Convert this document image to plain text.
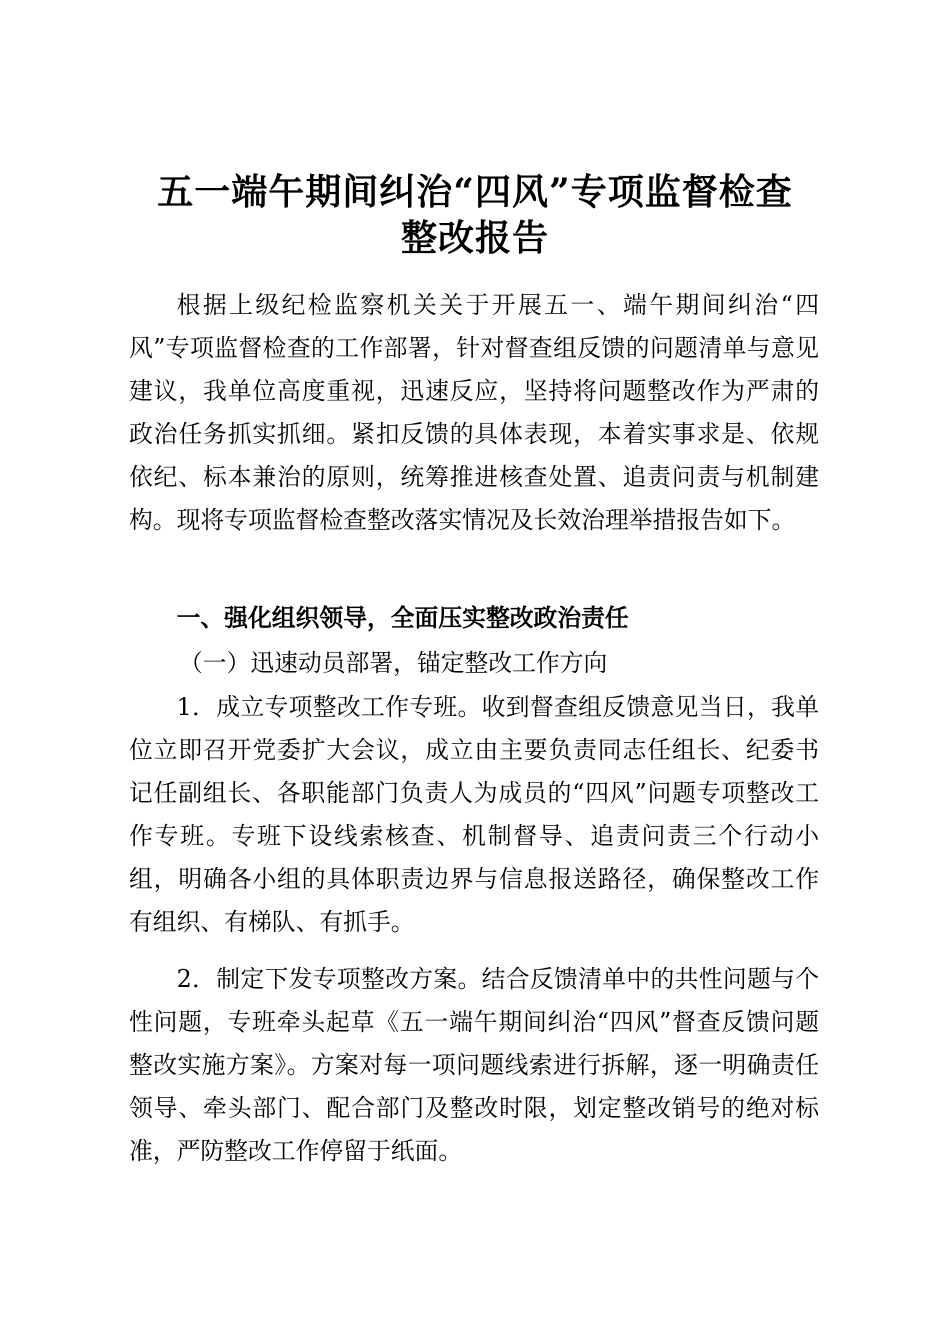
五一端午期间纠治“四风”专项监督检查
整改报告

根据上级纪检监察机关关于开展五一、端午期间纠治“四风”专项监督检查的工作部署，针对督查组反馈的问题清单与意见建议，我单位高度重视，迅速反应，坚持将问题整改作为严肃的政治任务抓实抓细。紧扣反馈的具体表现，本着实事求是、依规依纪、标本兼治的原则，统筹推进核查处置、追责问责与机制建构。现将专项监督检查整改落实情况及长效治理举措报告如下。

一、强化组织领导，全面压实整改政治责任
（一）迅速动员部署，锚定整改工作方向

1．成立专项整改工作专班。收到督查组反馈意见当日，我单位立即召开党委扩大会议，成立由主要负责同志任组长、纪委书记任副组长、各职能部门负责人为成员的“四风”问题专项整改工作专班。专班下设线索核查、机制督导、追责问责三个行动小组，明确各小组的具体职责边界与信息报送路径，确保整改工作有组织、有梯队、有抓手。

2．制定下发专项整改方案。结合反馈清单中的共性问题与个性问题，专班牵头起草《五一端午期间纠治“四风”督查反馈问题整改实施方案》。方案对每一项问题线索进行拆解，逐一明确责任领导、牵头部门、配合部门及整改时限，划定整改销号的绝对标准，严防整改工作停留于纸面。
